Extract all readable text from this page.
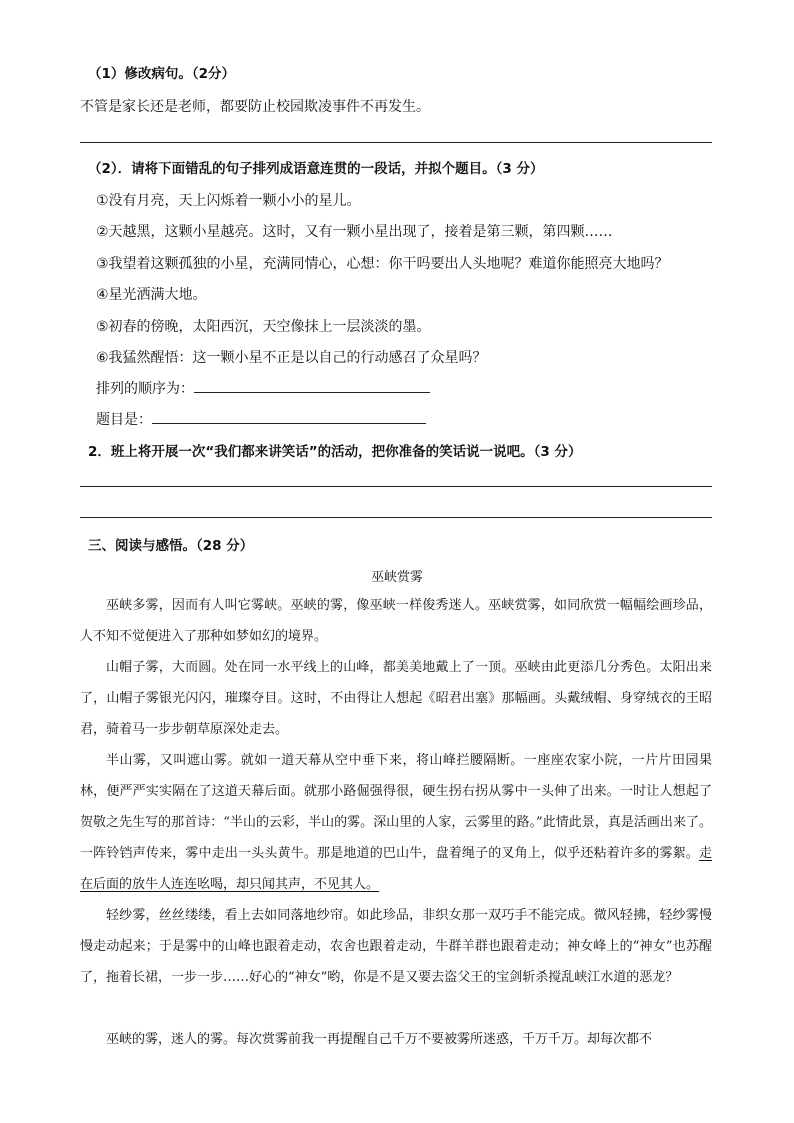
（1）修改病句。（2分）
不管是家长还是老师，都要防止校园欺凌事件不再发生。
（2）．请将下面错乱的句子排列成语意连贯的一段话，并拟个题目。（3 分）
①没有月亮，天上闪烁着一颗小小的星儿。
②天越黑，这颗小星越亮。这时，又有一颗小星出现了，接着是第三颗，第四颗……
③我望着这颗孤独的小星，充满同情心，心想：你干吗要出人头地呢？难道你能照亮大地吗？
④星光洒满大地。
⑤初春的傍晚，太阳西沉，天空像抹上一层淡淡的墨。
⑥我猛然醒悟：这一颗小星不正是以自己的行动感召了众星吗？
排列的顺序为：
题目是：
2．班上将开展一次“我们都来讲笑话”的活动，把你准备的笑话说一说吧。（3 分）
三、阅读与感悟。（28 分）
巫峡赏雾
巫峡多雾，因而有人叫它雾峡。巫峡的雾，像巫峡一样俊秀迷人。巫峡赏雾，如同欣赏一幅幅绘画珍品，人不知不觉便进入了那种如梦如幻的境界。
山帽子雾，大而圆。处在同一水平线上的山峰，都美美地戴上了一顶。巫峡由此更添几分秀色。太阳出来了，山帽子雾银光闪闪，璀璨夺目。这时，不由得让人想起《昭君出塞》那幅画。头戴绒帽、身穿绒衣的王昭君，骑着马一步步朝草原深处走去。
半山雾，又叫遮山雾。就如一道天幕从空中垂下来，将山峰拦腰隔断。一座座农家小院，一片片田园果林，便严严实实隔在了这道天幕后面。就那小路倔强得很，硬生拐右拐从雾中一头伸了出来。一时让人想起了贺敬之先生写的那首诗：“半山的云彩，半山的雾。深山里的人家，云雾里的路。”此情此景，真是活画出来了。一阵铃铛声传来，雾中走出一头头黄牛。那是地道的巴山牛，盘着绳子的叉角上，似乎还粘着许多的雾絮。走在后面的放牛人连连吆喝，却只闻其声，不见其人。
轻纱雾，丝丝缕缕，看上去如同落地纱帘。如此珍品，非织女那一双巧手不能完成。微风轻拂，轻纱雾慢慢走动起来；于是雾中的山峰也跟着走动，农舍也跟着走动，牛群羊群也跟着走动；神女峰上的“神女”也苏醒了，拖着长裙，一步一步……好心的“神女”哟，你是不是又要去盗父王的宝剑斩杀搅乱峡江水道的恶龙？
巫峡的雾，迷人的雾。每次赏雾前我一再提醒自己千万不要被雾所迷惑，千万千万。却每次都不
